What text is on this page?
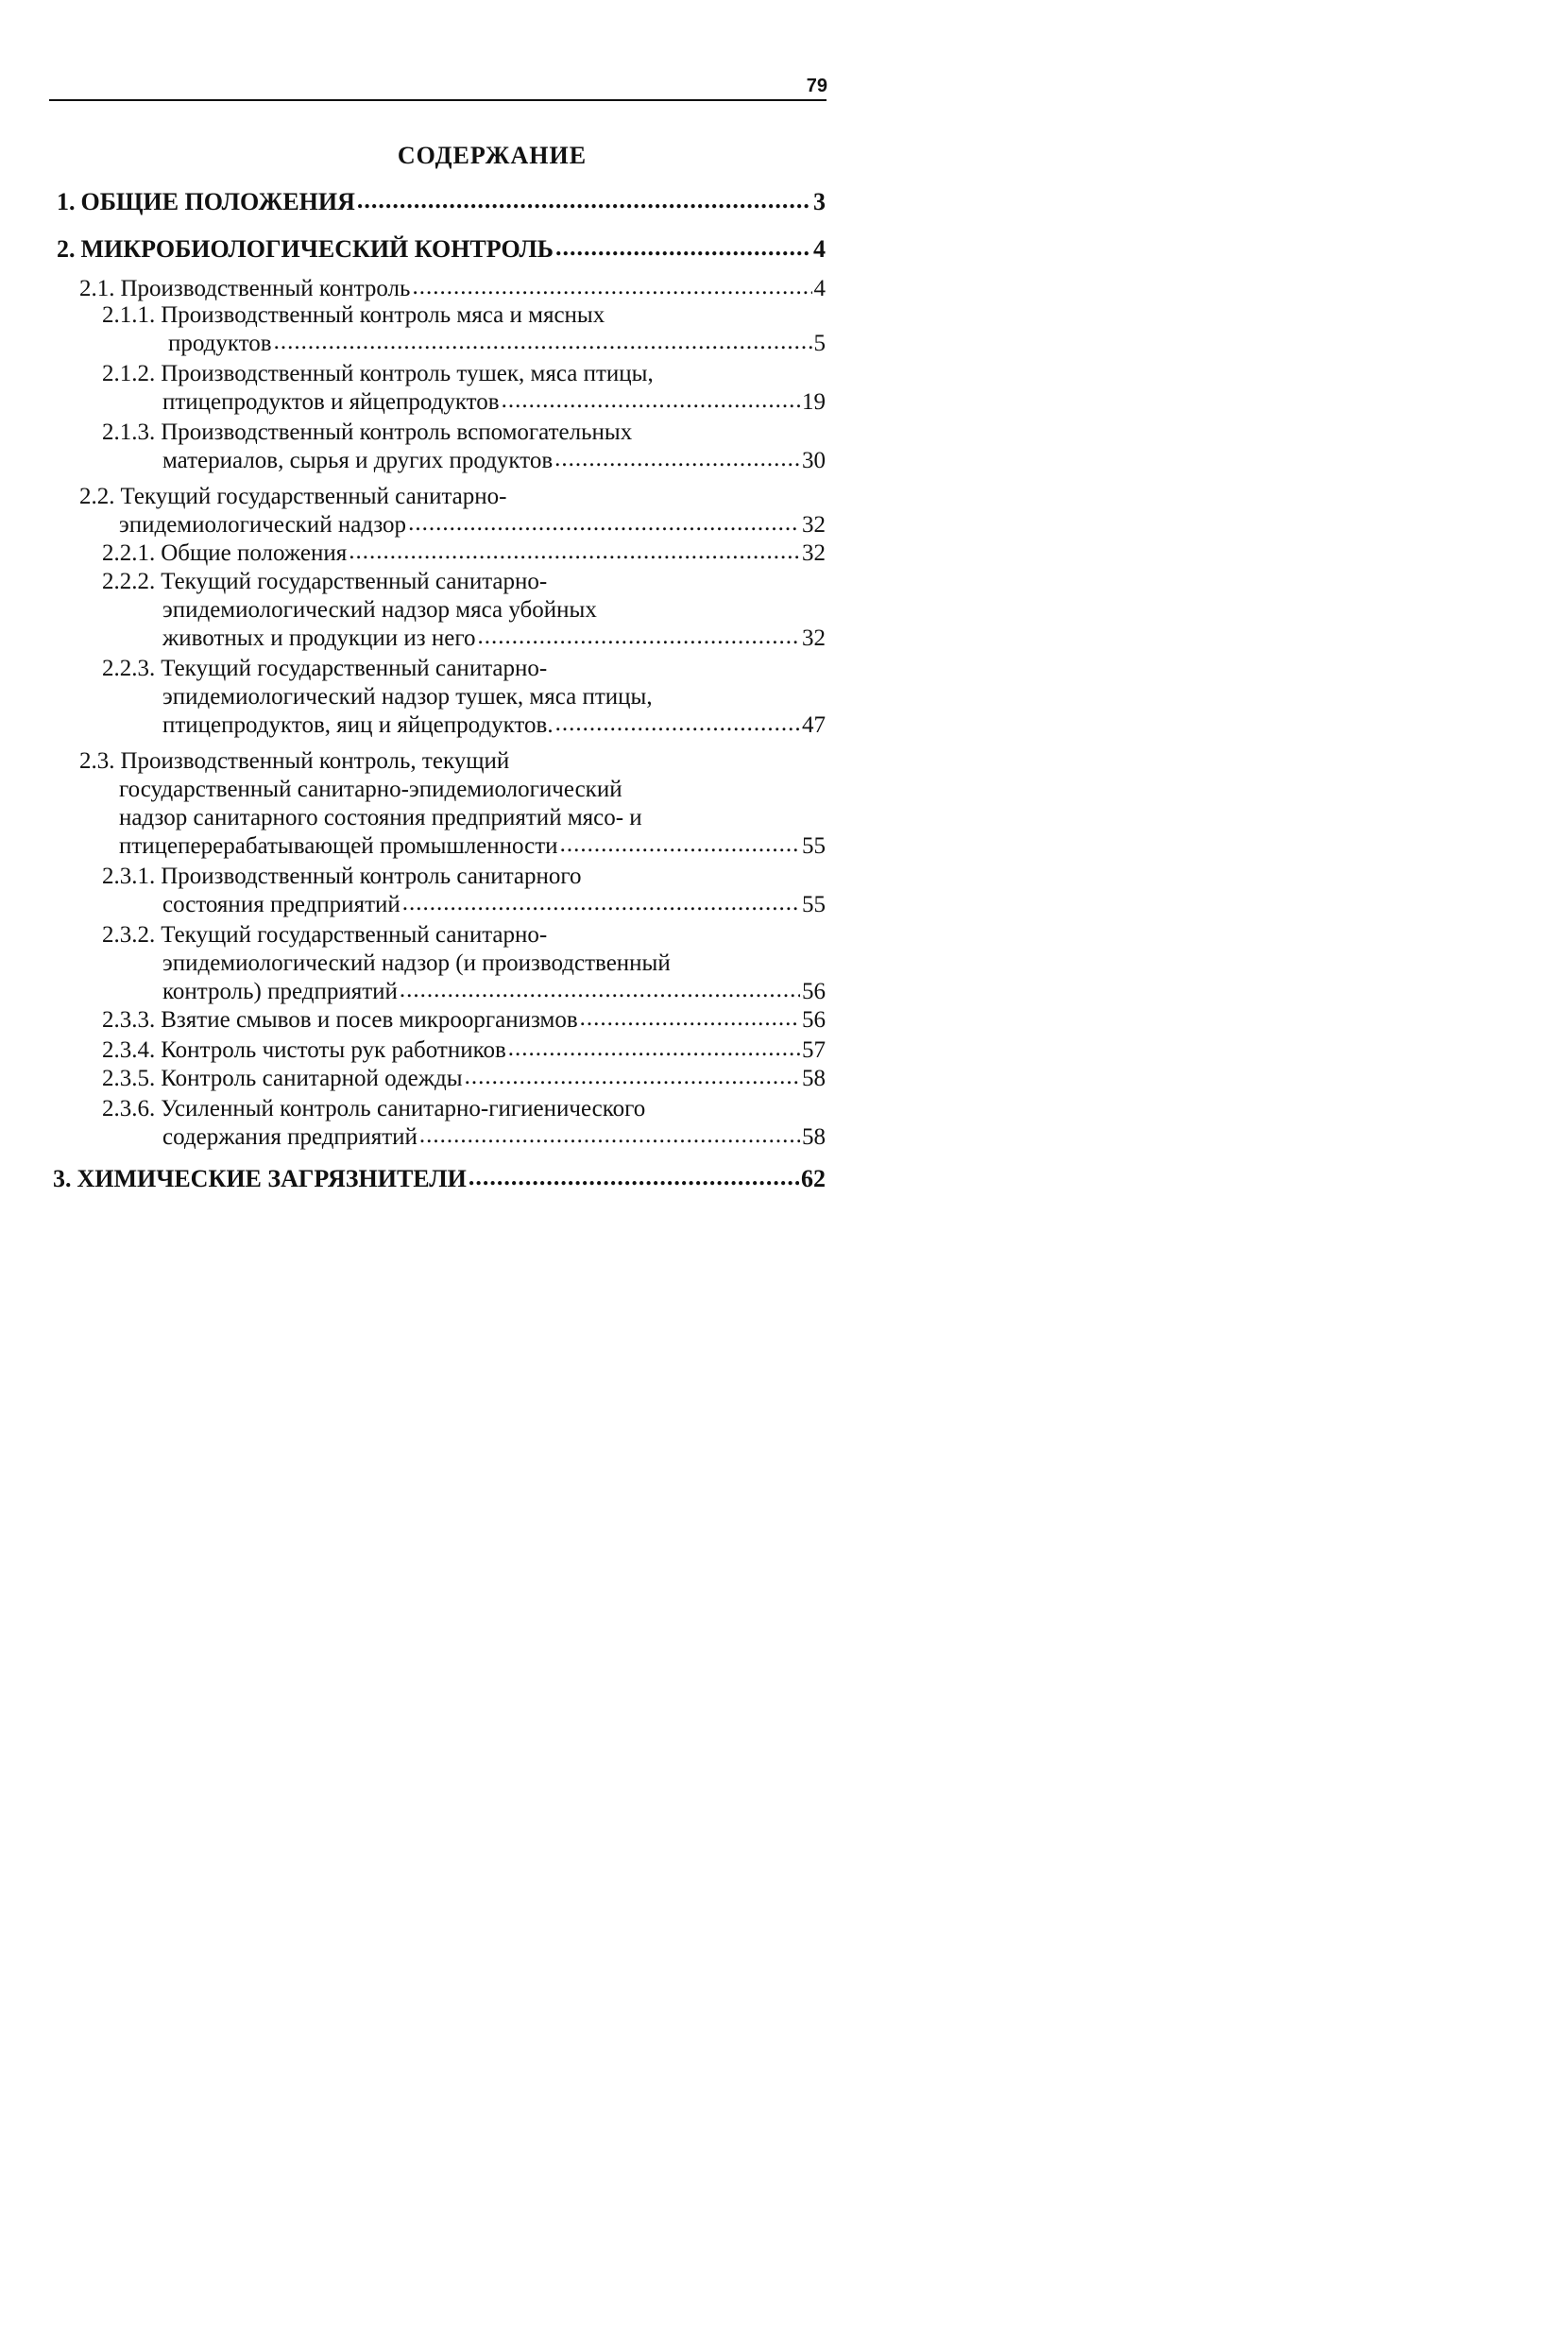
79
СОДЕРЖАНИЕ
1. ОБЩИЕ ПОЛОЖЕНИЯ .....	3
2. МИКРОБИОЛОГИЧЕСКИЙ КОНТРОЛЬ .....	4
2.1. Производственный контроль .....	4
2.1.1. Производственный контроль мяса и мясных
продуктов .....	5
2.1.2. Производственный контроль тушек, мяса птицы,
птицепродуктов и яйцепродуктов .....	19
2.1.3. Производственный контроль вспомогательных
материалов, сырья и других продуктов .....	30
2.2. Текущий государственный санитарно-
эпидемиологический надзор .....	32
2.2.1. Общие положения .....	32
2.2.2. Текущий государственный санитарно-
эпидемиологический надзор мяса убойных
животных и продукции из него .....	32
2.2.3. Текущий государственный санитарно-
эпидемиологический надзор тушек, мяса птицы,
птицепродуктов, яиц и яйцепродуктов. .....	47
2.3. Производственный контроль, текущий
государственный санитарно-эпидемиологический
надзор санитарного состояния предприятий мясо- и
птицеперерабатывающей промышленности .....	55
2.3.1. Производственный контроль санитарного
состояния предприятий .....	55
2.3.2. Текущий государственный санитарно-
эпидемиологический надзор (и производственный
контроль) предприятий .....	56
2.3.3. Взятие смывов и посев микроорганизмов .....	56
2.3.4. Контроль чистоты рук работников .....	57
2.3.5. Контроль санитарной одежды .....	58
2.3.6. Усиленный контроль санитарно-гигиенического
содержания предприятий .....	58
3. ХИМИЧЕСКИЕ ЗАГРЯЗНИТЕЛИ .....	62
